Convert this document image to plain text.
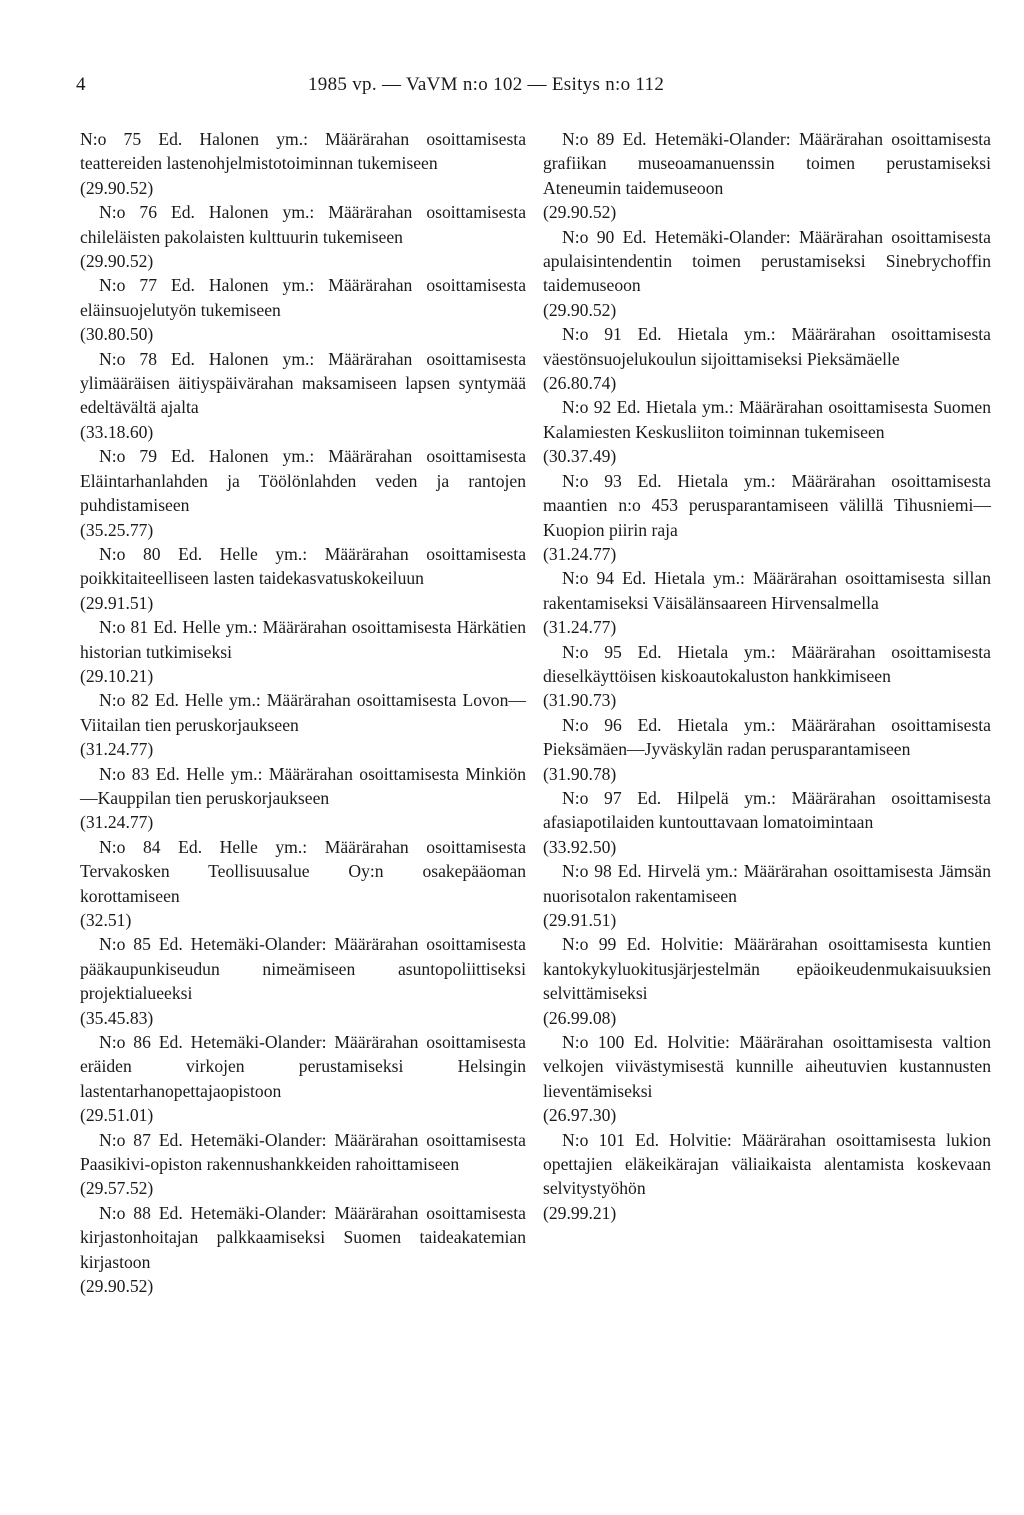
4	1985 vp. — VaVM n:o 102 — Esitys n:o 112

N:o 75 Ed. Halonen ym.: Määrärahan osoittamisesta teattereiden lastenohjelmistotoiminnan tukemiseen

(29.90.52)

N:o 76 Ed. Halonen ym.: Määrärahan osoittamisesta chileläisten pakolaisten kulttuurin tukemiseen

(29.90.52)

N:o 77 Ed. Halonen ym.: Määrärahan osoittamisesta eläinsuojelutyön tukemiseen

(30.80.50)

N:o 78 Ed. Halonen ym.: Määrärahan osoittamisesta ylimääräisen äitiyspäivärahan maksamiseen lapsen syntymää edeltävältä ajalta

(33.18.60)

N:o 79 Ed. Halonen ym.: Määrärahan osoittamisesta Eläintarhanlahden ja Töölönlahden veden ja rantojen puhdistamiseen

(35.25.77)

N:o 80 Ed. Helle ym.: Määrärahan osoittamisesta poikkitaiteelliseen lasten taidekasvatuskokeiluun

(29.91.51)

N:o 81 Ed. Helle ym.: Määrärahan osoittamisesta Härkätien historian tutkimiseksi

(29.10.21)

N:o 82 Ed. Helle ym.: Määrärahan osoittamisesta Lovon—Viitailan tien peruskorjaukseen

(31.24.77)

N:o 83 Ed. Helle ym.: Määrärahan osoittamisesta Minkiön—Kauppilan tien peruskorjaukseen

(31.24.77)

N:o 84 Ed. Helle ym.: Määrärahan osoittamisesta Tervakosken Teollisuusalue Oy:n osakepääoman korottamiseen

(32.51)

N:o 85 Ed. Hetemäki-Olander: Määrärahan osoittamisesta pääkaupunkiseudun nimeämiseen asuntopoliittiseksi projektialueeksi

(35.45.83)

N:o 86 Ed. Hetemäki-Olander: Määrärahan osoittamisesta eräiden virkojen perustamiseksi Helsingin lastentarhanopettajaopistoon

(29.51.01)

N:o 87 Ed. Hetemäki-Olander: Määrärahan osoittamisesta Paasikivi-opiston rakennushankkeiden rahoittamiseen

(29.57.52)

N:o 88 Ed. Hetemäki-Olander: Määrärahan osoittamisesta kirjastonhoitajan palkkaamiseksi Suomen taideakatemian kirjastoon

(29.90.52)

N:o 89 Ed. Hetemäki-Olander: Määrärahan osoittamisesta grafiikan museoamanuenssin toimen perustamiseksi Ateneumin taidemuseoon

(29.90.52)

N:o 90 Ed. Hetemäki-Olander: Määrärahan osoittamisesta apulaisintendentin toimen perustamiseksi Sinebrychoffin taidemuseoon

(29.90.52)

N:o 91 Ed. Hietala ym.: Määrärahan osoittamisesta väestönsuojelukoulun sijoittamiseksi Pieksämäelle

(26.80.74)

N:o 92 Ed. Hietala ym.: Määrärahan osoittamisesta Suomen Kalamiesten Keskusliiton toiminnan tukemiseen

(30.37.49)

N:o 93 Ed. Hietala ym.: Määrärahan osoittamisesta maantien n:o 453 perusparantamiseen välillä Tihusniemi—Kuopion piirin raja

(31.24.77)

N:o 94 Ed. Hietala ym.: Määrärahan osoittamisesta sillan rakentamiseksi Väisälänsaareen Hirvensalmella

(31.24.77)

N:o 95 Ed. Hietala ym.: Määrärahan osoittamisesta dieselkäyttöisen kiskoautokaluston hankkimiseen

(31.90.73)

N:o 96 Ed. Hietala ym.: Määrärahan osoittamisesta Pieksämäen—Jyväskylän radan perusparantamiseen

(31.90.78)

N:o 97 Ed. Hilpelä ym.: Määrärahan osoittamisesta afasiapotilaiden kuntouttavaan lomatoimintaan

(33.92.50)

N:o 98 Ed. Hirvelä ym.: Määrärahan osoittamisesta Jämsän nuorisotalon rakentamiseen

(29.91.51)

N:o 99 Ed. Holvitie: Määrärahan osoittamisesta kuntien kantokykyluokitusjärjestelmän epäoikeudenmukaisuuksien selvittämiseksi

(26.99.08)

N:o 100 Ed. Holvitie: Määrärahan osoittamisesta valtion velkojen viivästymisestä kunnille aiheutuvien kustannusten lieventämiseksi

(26.97.30)

N:o 101 Ed. Holvitie: Määrärahan osoittamisesta lukion opettajien eläkeikärajan väliaikaista alentamista koskevaan selvitystyöhön

(29.99.21)
